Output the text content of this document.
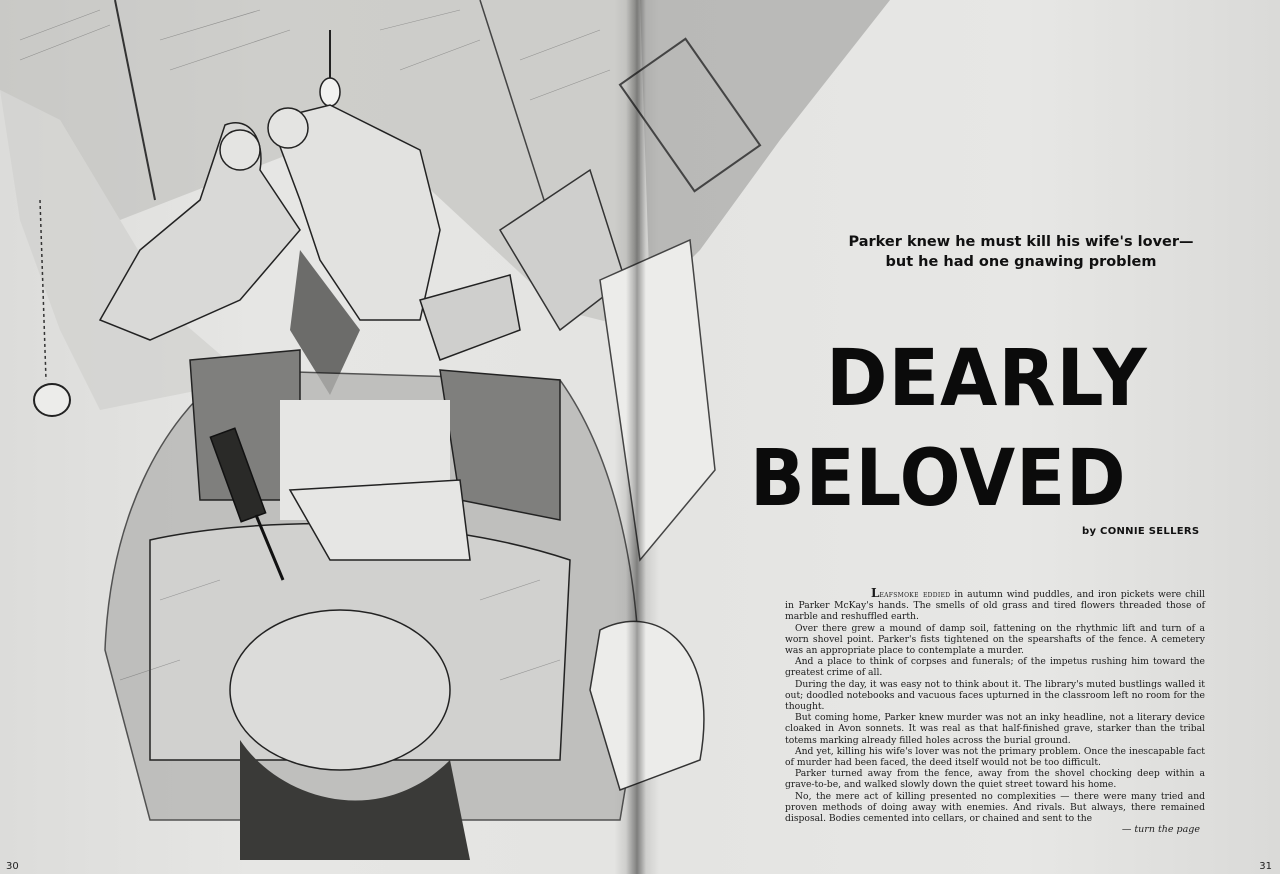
30	31
Parker knew he must kill his wife's lover—
but he had one gnawing problem
DEARLY
BELOVED
by CONNIE SELLERS

Leafsmoke eddied in autumn wind puddles, and iron pickets were chill in Parker McKay's hands. The smells of old grass and tired flowers threaded those of marble and reshuffled earth.

Over there grew a mound of damp soil, fattening on the rhythmic lift and turn of a worn shovel point. Parker's fists tightened on the spearshafts of the fence. A cemetery was an appropriate place to contemplate a murder.

And a place to think of corpses and funerals; of the impetus rushing him toward the greatest crime of all.

During the day, it was easy not to think about it. The library's muted bustlings walled it out; doodled notebooks and vacuous faces upturned in the classroom left no room for the thought.

But coming home, Parker knew murder was not an inky headline, not a literary device cloaked in Avon sonnets. It was real as that half-finished grave, starker than the tribal totems marking already filled holes across the burial ground.

And yet, killing his wife's lover was not the primary problem. Once the inescapable fact of murder had been faced, the deed itself would not be too difficult.

Parker turned away from the fence, away from the shovel chocking deep within a grave-to-be, and walked slowly down the quiet street toward his home.

No, the mere act of killing presented no complexities — there were many tried and proven methods of doing away with enemies. And rivals. But always, there remained disposal. Bodies cemented into cellars, or chained and sent to the

— turn the page
